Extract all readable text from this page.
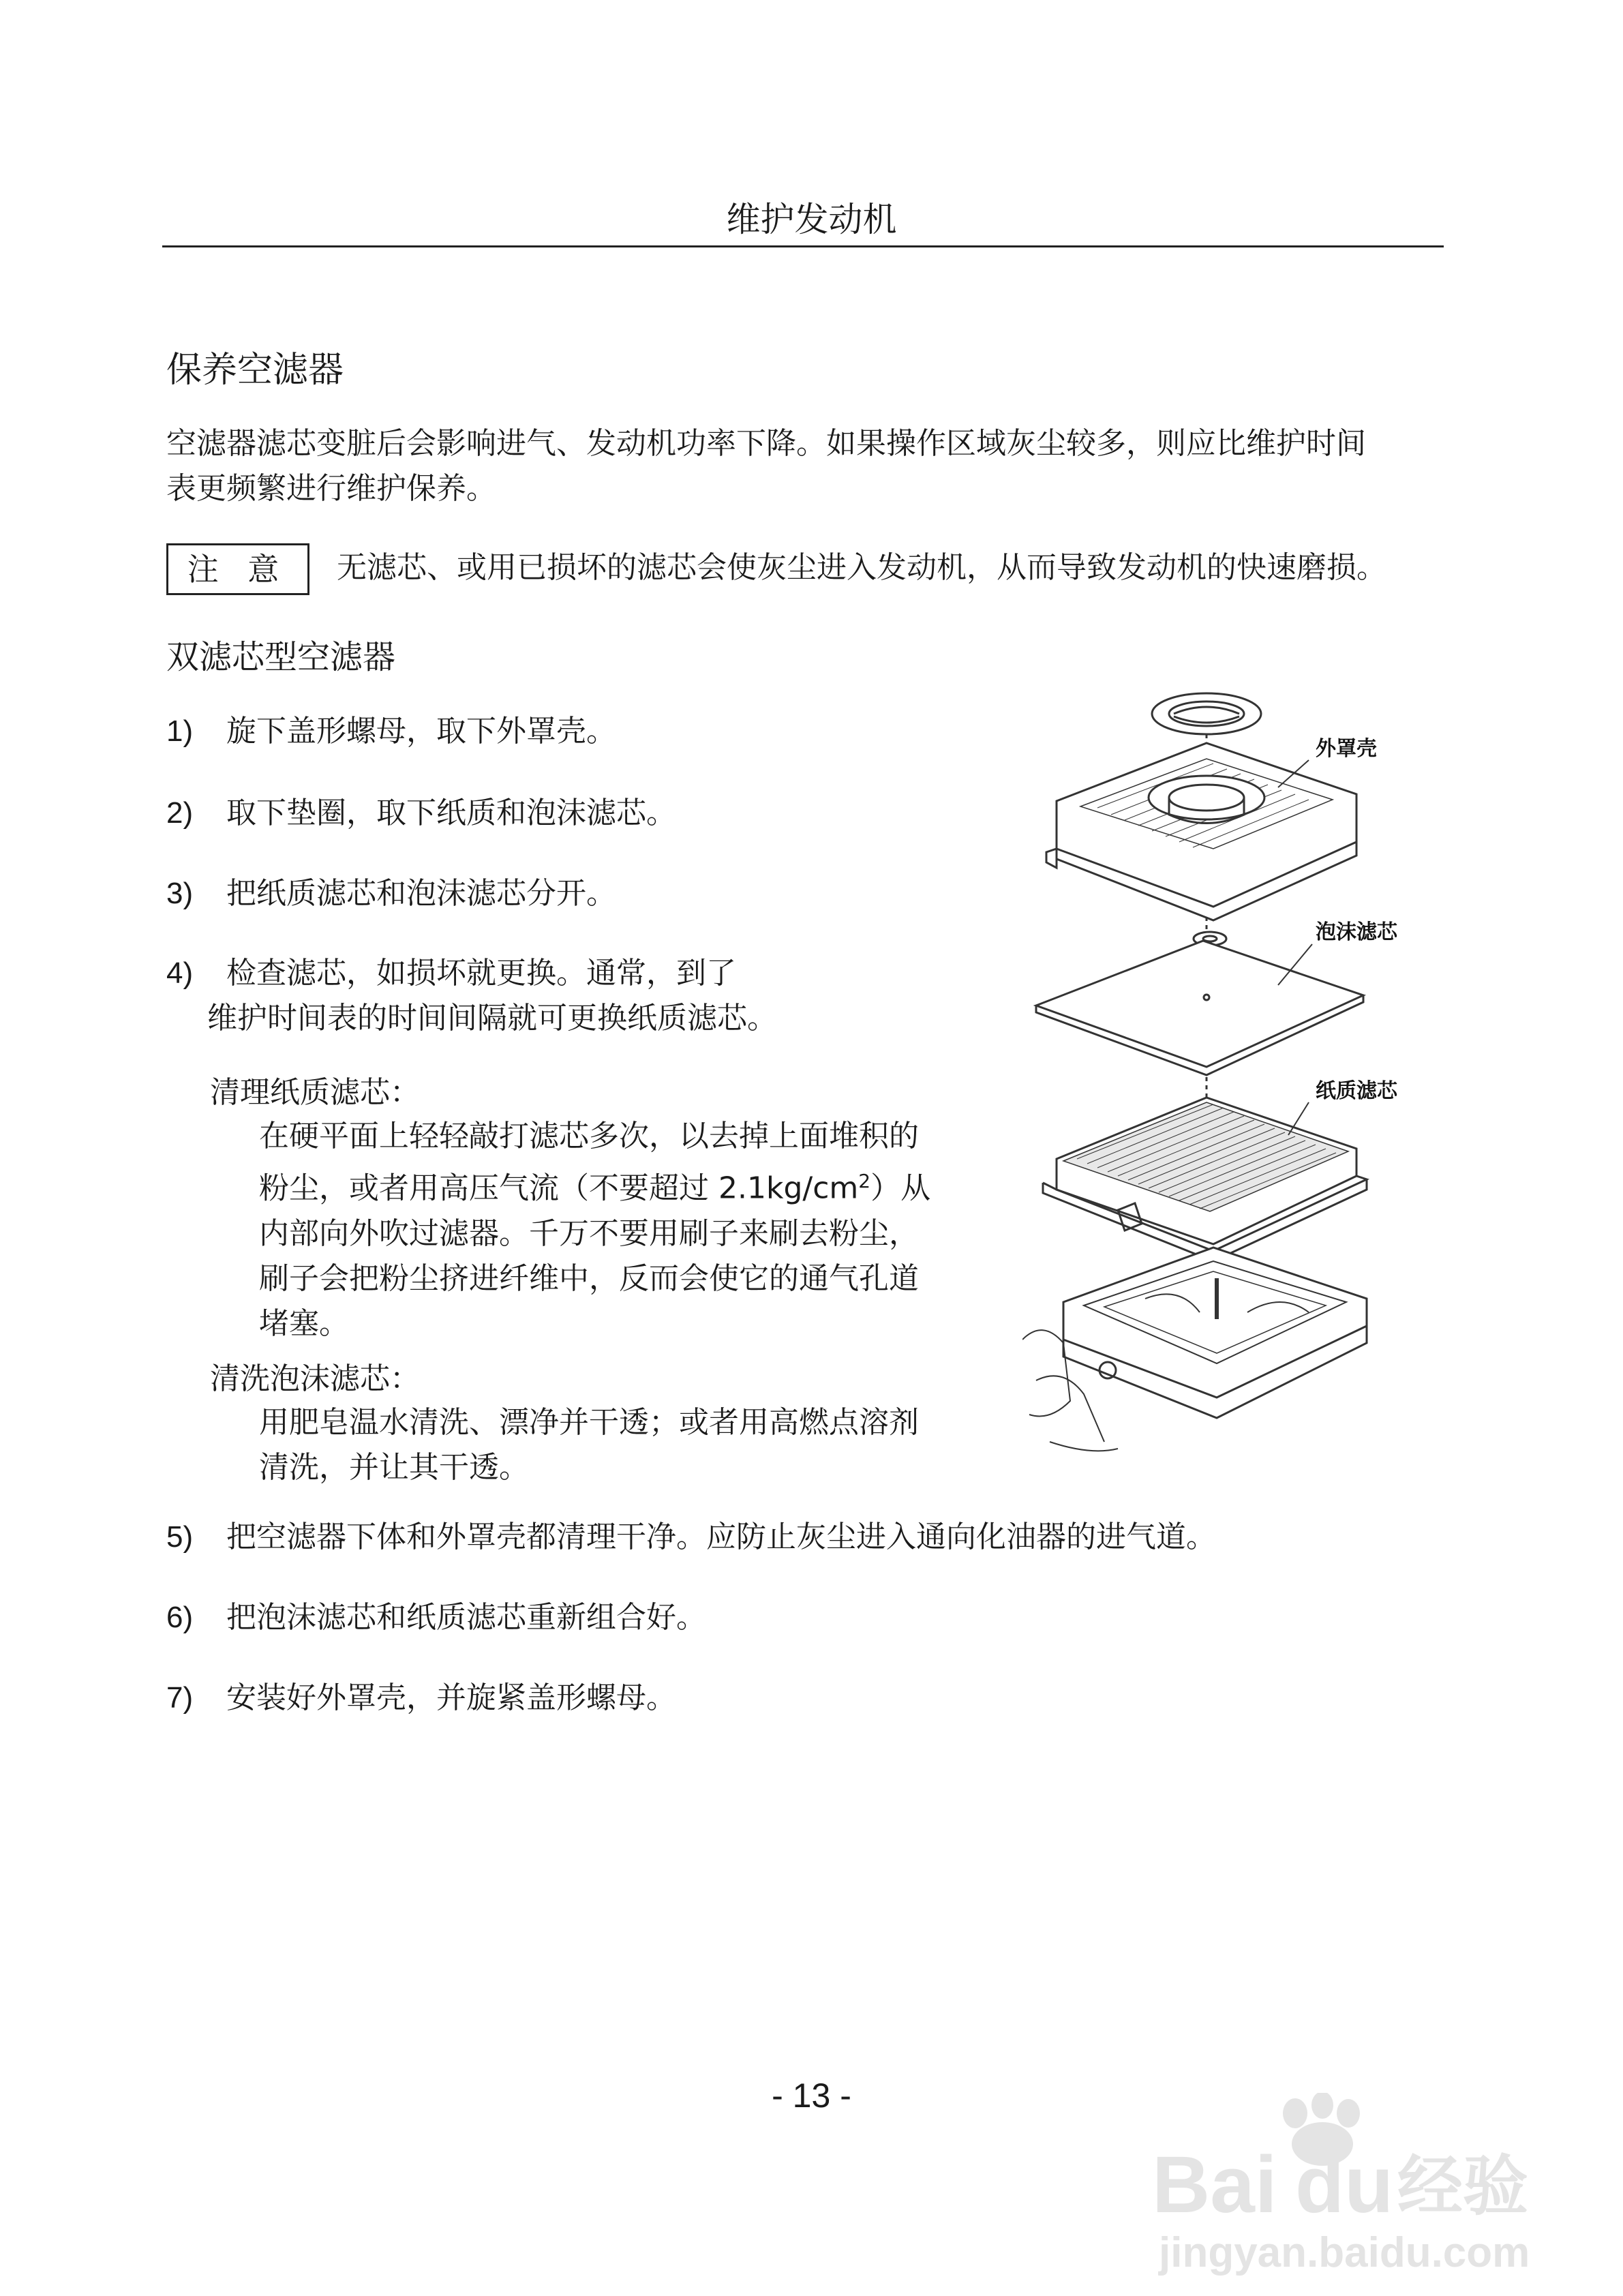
维护发动机
保养空滤器
空滤器滤芯变脏后会影响进气、发动机功率下降。如果操作区域灰尘较多，则应比维护时间
表更频繁进行维护保养。
注 意	无滤芯、或用已损坏的滤芯会使灰尘进入发动机，从而导致发动机的快速磨损。
双滤芯型空滤器
1) 旋下盖形螺母，取下外罩壳。
2) 取下垫圈，取下纸质和泡沫滤芯。
3) 把纸质滤芯和泡沫滤芯分开。
4) 检查滤芯，如损坏就更换。通常，到了
维护时间表的时间间隔就可更换纸质滤芯。
清理纸质滤芯：
在硬平面上轻轻敲打滤芯多次，以去掉上面堆积的
粉尘，或者用高压气流（不要超过 $2.1kg/cm^2$）从
内部向外吹过滤器。千万不要用刷子来刷去粉尘，
刷子会把粉尘挤进纤维中，反而会使它的通气孔道
堵塞。
清洗泡沫滤芯：
用肥皂温水清洗、漂净并干透；或者用高燃点溶剂
清洗，并让其干透。
5) 把空滤器下体和外罩壳都清理干净。应防止灰尘进入通向化油器的进气道。
6) 把泡沫滤芯和纸质滤芯重新组合好。
7) 安装好外罩壳，并旋紧盖形螺母。
外罩壳
泡沫滤芯
纸质滤芯
- 13 -
Bai du 经验
jingyan.baidu.com
